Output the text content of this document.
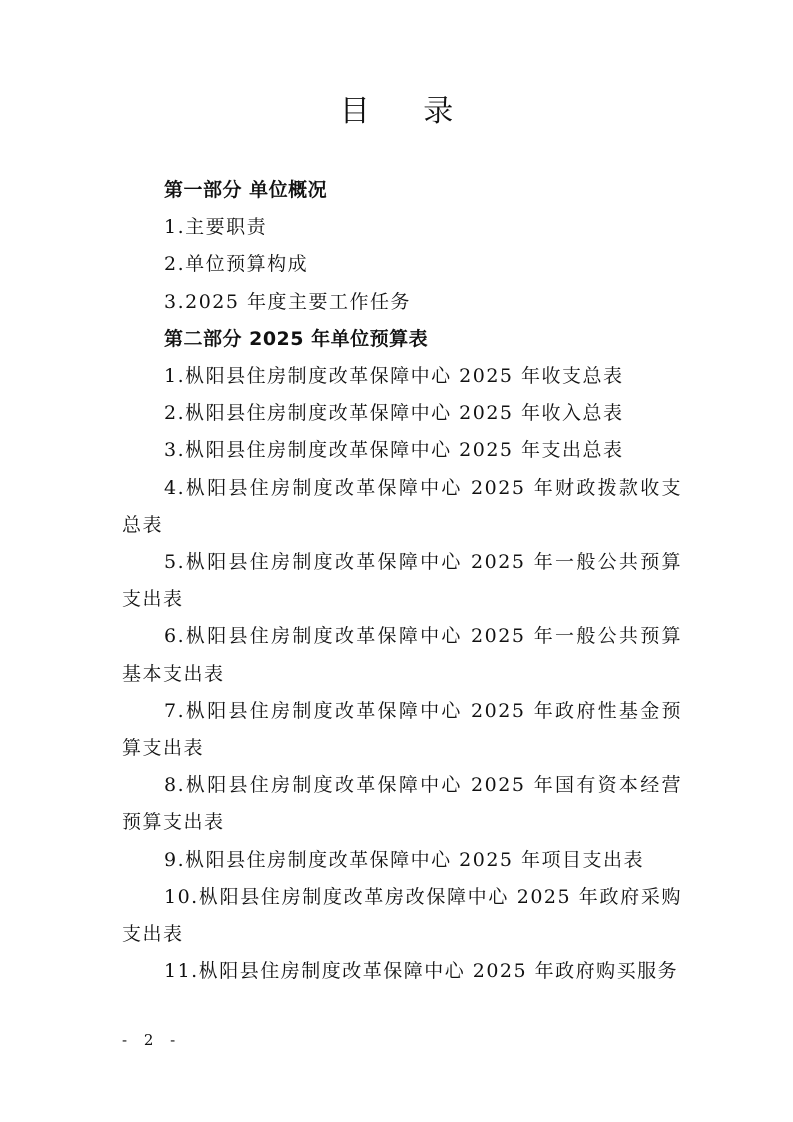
目 录
第一部分 单位概况
1.主要职责
2.单位预算构成
3.2025 年度主要工作任务
第二部分 2025 年单位预算表
1.枞阳县住房制度改革保障中心 2025 年收支总表
2.枞阳县住房制度改革保障中心 2025 年收入总表
3.枞阳县住房制度改革保障中心 2025 年支出总表
4.枞阳县住房制度改革保障中心 2025 年财政拨款收支总表
5.枞阳县住房制度改革保障中心 2025 年一般公共预算支出表
6.枞阳县住房制度改革保障中心 2025 年一般公共预算基本支出表
7.枞阳县住房制度改革保障中心 2025 年政府性基金预算支出表
8.枞阳县住房制度改革保障中心 2025 年国有资本经营预算支出表
9.枞阳县住房制度改革保障中心 2025 年项目支出表
10.枞阳县住房制度改革房改保障中心 2025 年政府采购支出表
11.枞阳县住房制度改革保障中心 2025 年政府购买服务
- 2 -
